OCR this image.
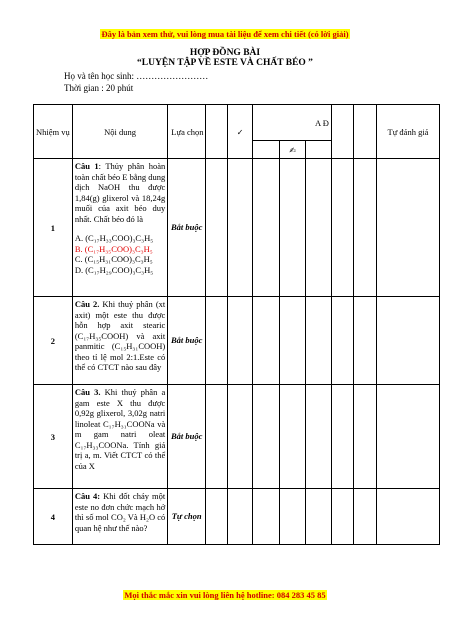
Đây là bản xem thử, vui lòng mua tài liệu để xem chi tiết (có lời giải)
HỢP ĐỒNG BÀI
“LUYỆN TẬP VỀ ESTE VÀ CHẤT BÉO ”
Họ và tên học sinh: ……………………
Thời gian : 20 phút
Nhiệm vụ	Nội dung	Lựa chọn		✓	A Đ					Tự đánh giá
						✍				
1	Câu 1: Thủy phân hoàn toàn chất béo E bằng dung dịch NaOH thu được 1,84(g) glixerol và 18,24g muối của axit béo duy nhất. Chất béo đó là
A. (C₁₇H₃₃COO)₃C₃H₅
B. (C₁₇H₃₅COO)₃C₃H₅
C. (C₁₅H₃₁COO)₃C₃H₅
D. (C₁₇H₂₉COO)₃C₃H₅	Bắt buộc								
2	Câu 2. Khi thuỷ phân (xt axit) một este thu được hỗn hợp axit stearic (C₁₇H₃₅COOH) và axit panmitic (C₁₅H₃₁COOH) theo tỉ lệ mol 2:1.Este có thể có CTCT nào sau đây	Bắt buộc								
3	Câu 3. Khi thuỷ phân a gam este X thu được 0,92g glixerol, 3,02g natri linoleat C₁₇H₃₁COONa và m gam natri oleat C₁₇H₃₃COONa. Tính giá trị a, m. Viết CTCT có thể của X	Bắt buộc								
4	Câu 4: Khi đốt cháy một este no đơn chức mạch hở thì số mol CO₂ Và H₂O có quan hệ như thế nào?	Tự chọn								
Mọi thắc mắc xin vui lòng liên hệ hotline: 084 283 45 85
